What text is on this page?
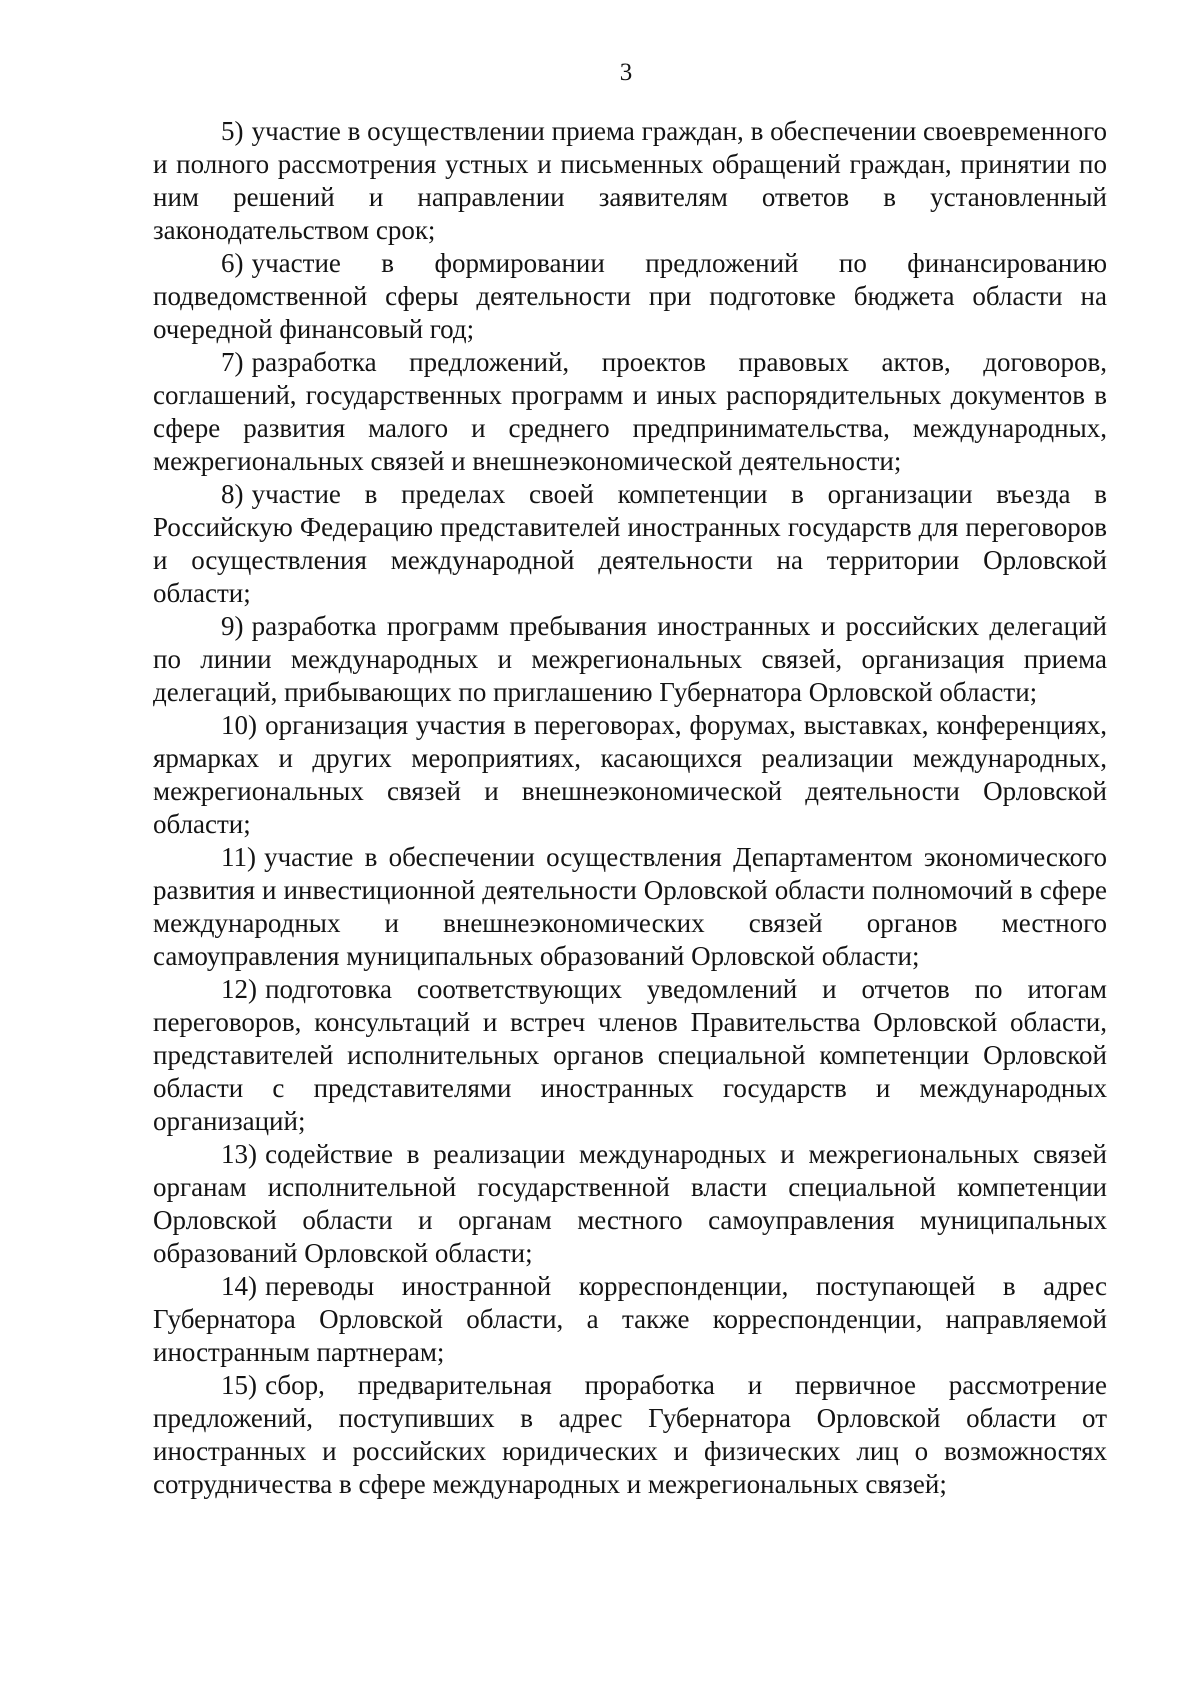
3

5) участие в осуществлении приема граждан, в обеспечении своевременного и полного рассмотрения устных и письменных обращений граждан, принятии по ним решений и направлении заявителям ответов в установленный законодательством срок;

6) участие в формировании предложений по финансированию подведомственной сферы деятельности при подготовке бюджета области на очередной финансовый год;

7) разработка предложений, проектов правовых актов, договоров, соглашений, государственных программ и иных распорядительных документов в сфере развития малого и среднего предпринимательства, международных, межрегиональных связей и внешнеэкономической деятельности;

8) участие в пределах своей компетенции в организации въезда в Российскую Федерацию представителей иностранных государств для переговоров и осуществления международной деятельности на территории Орловской области;

9) разработка программ пребывания иностранных и российских делегаций по линии международных и межрегиональных связей, организация приема делегаций, прибывающих по приглашению Губернатора Орловской области;

10) организация участия в переговорах, форумах, выставках, конференциях, ярмарках и других мероприятиях, касающихся реализации международных, межрегиональных связей и внешнеэкономической деятельности Орловской области;

11) участие в обеспечении осуществления Департаментом экономического развития и инвестиционной деятельности Орловской области полномочий в сфере международных и внешнеэкономических связей органов местного самоуправления муниципальных образований Орловской области;

12) подготовка соответствующих уведомлений и отчетов по итогам переговоров, консультаций и встреч членов Правительства Орловской области, представителей исполнительных органов специальной компетенции Орловской области с представителями иностранных государств и международных организаций;

13) содействие в реализации международных и межрегиональных связей органам исполнительной государственной власти специальной компетенции Орловской области и органам местного самоуправления муниципальных образований Орловской области;

14) переводы иностранной корреспонденции, поступающей в адрес Губернатора Орловской области, а также корреспонденции, направляемой иностранным партнерам;

15) сбор, предварительная проработка и первичное рассмотрение предложений, поступивших в адрес Губернатора Орловской области от иностранных и российских юридических и физических лиц о возможностях сотрудничества в сфере международных и межрегиональных связей;
